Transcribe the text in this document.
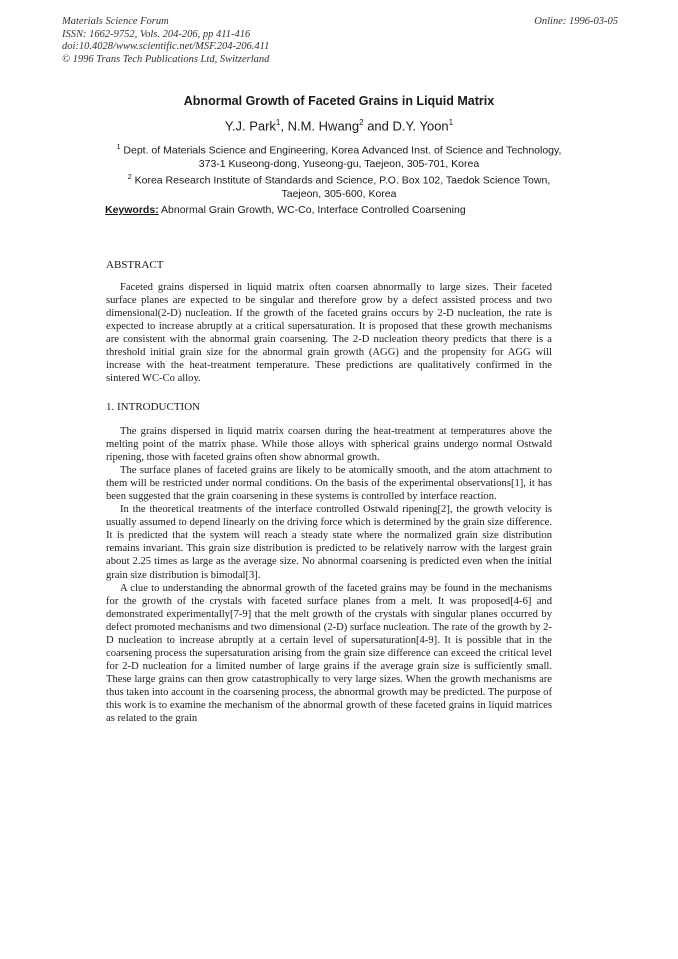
Materials Science Forum
ISSN: 1662-9752, Vols. 204-206, pp 411-416
doi:10.4028/www.scientific.net/MSF.204-206.411
© 1996 Trans Tech Publications Ltd, Switzerland
Online: 1996-03-05
Abnormal Growth of Faceted Grains in Liquid Matrix
Y.J. Park$^1$, N.M. Hwang$^2$ and D.Y. Yoon$^1$
$^1$ Dept. of Materials Science and Engineering, Korea Advanced Inst. of Science and Technology,
373-1 Kuseong-dong, Yuseong-gu, Taejeon, 305-701, Korea
$^2$ Korea Research Institute of Standards and Science, P.O. Box 102, Taedok Science Town,
Taejeon, 305-600, Korea
Keywords: Abnormal Grain Growth, WC-Co, Interface Controlled Coarsening
ABSTRACT

Faceted grains dispersed in liquid matrix often coarsen abnormally to large sizes. Their faceted surface planes are expected to be singular and therefore grow by a defect assisted process and two dimensional(2-D) nucleation. If the growth of the faceted grains occurs by 2-D nucleation, the rate is expected to increase abruptly at a critical supersaturation. It is proposed that these growth mechanisms are consistent with the abnormal grain coarsening. The 2-D nucleation theory predicts that there is a threshold initial grain size for the abnormal grain growth (AGG) and the propensity for AGG will increase with the heat-treatment temperature. These predictions are qualitatively confirmed in the sintered WC-Co alloy.

1. INTRODUCTION

The grains dispersed in liquid matrix coarsen during the heat-treatment at temperatures above the melting point of the matrix phase. While those alloys with spherical grains undergo normal Ostwald ripening, those with faceted grains often show abnormal growth.

The surface planes of faceted grains are likely to be atomically smooth, and the atom attachment to them will be restricted under normal conditions. On the basis of the experimental observations[1], it has been suggested that the grain coarsening in these systems is controlled by interface reaction.

In the theoretical treatments of the interface controlled Ostwald ripening[2], the growth velocity is usually assumed to depend linearly on the driving force which is determined by the grain size difference. It is predicted that the system will reach a steady state where the normalized grain size distribution remains invariant. This grain size distribution is predicted to be relatively narrow with the largest grain about 2.25 times as large as the average size. No abnormal coarsening is predicted even when the initial grain size distribution is bimodal[3].

A clue to understanding the abnormal growth of the faceted grains may be found in the mechanisms for the growth of the crystals with faceted surface planes from a melt. It was proposed[4-6] and demonstrated experimentally[7-9] that the melt growth of the crystals with singular planes occurred by defect promoted mechanisms and two dimensional (2-D) surface nucleation. The rate of the growth by 2-D nucleation to increase abruptly at a certain level of supersaturation[4-9]. It is possible that in the coarsening process the supersaturation arising from the grain size difference can exceed the critical level for 2-D nucleation for a limited number of large grains if the average grain size is sufficiently small. These large grains can then grow catastrophically to very large sizes. When the growth mechanisms are thus taken into account in the coarsening process, the abnormal growth may be predicted. The purpose of this work is to examine the mechanism of the abnormal growth of these faceted grains in liquid matrices as related to the grain
